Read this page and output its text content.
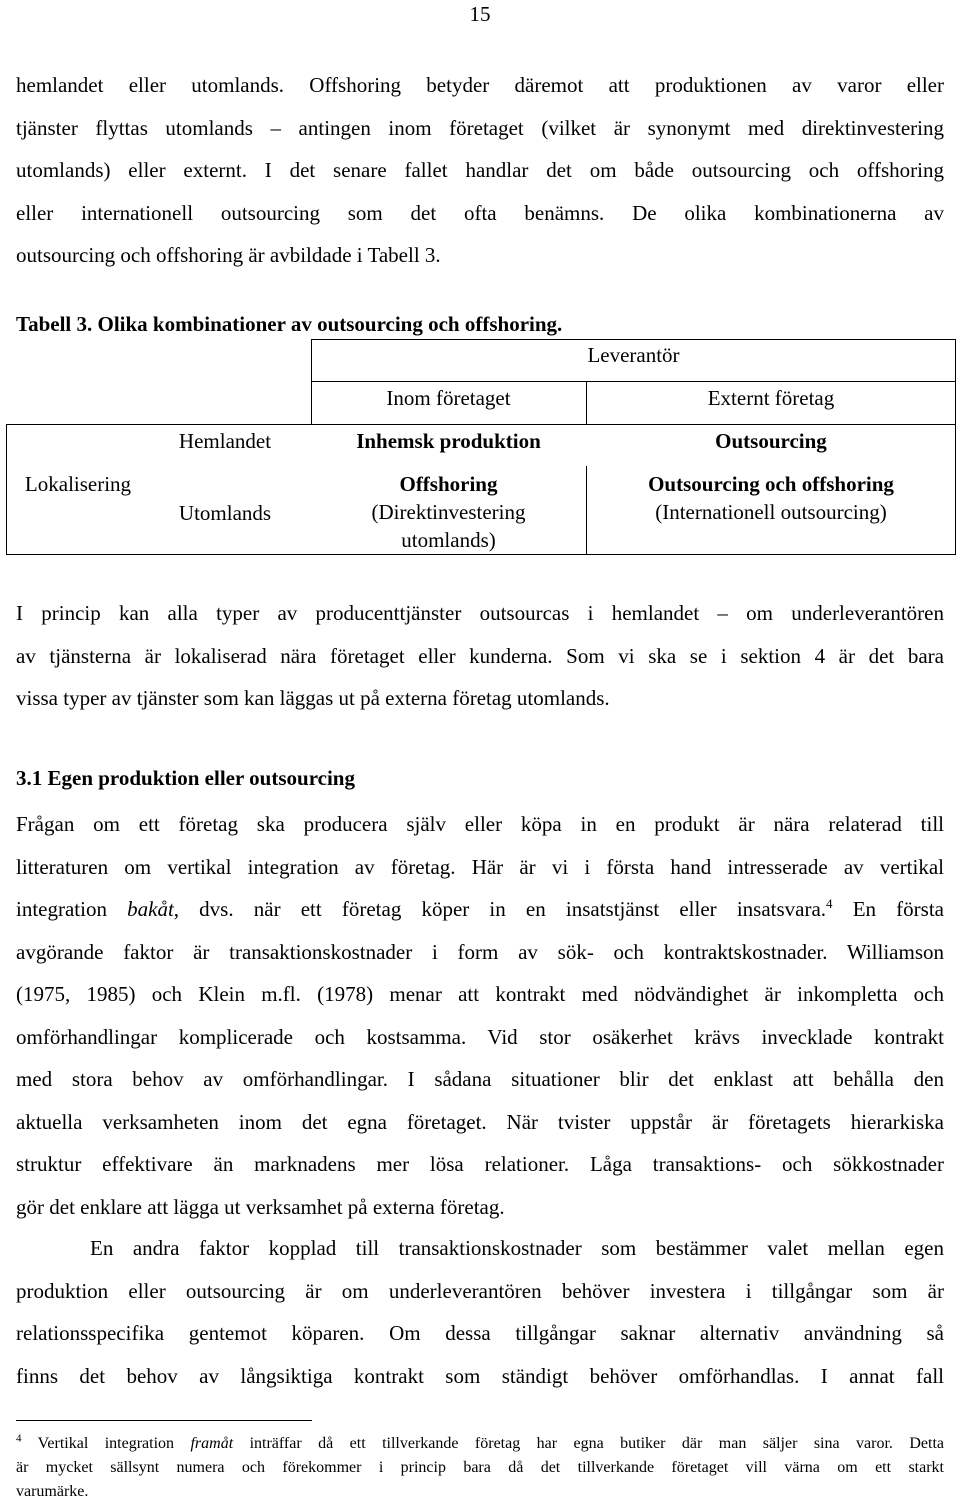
15
hemlandet eller utomlands. Offshoring betyder däremot att produktionen av varor eller
tjänster flyttas utomlands – antingen inom företaget (vilket är synonymt med direktinvestering
utomlands) eller externt. I det senare fallet handlar det om både outsourcing och offshoring
eller internationell outsourcing som det ofta benämns. De olika kombinationerna av
outsourcing och offshoring är avbildade i Tabell 3.
Tabell 3. Olika kombinationer av outsourcing och offshoring.
Leverantör
Inom företaget	Externt företag
Lokalisering
Hemlandet
Utomlands
Inhemsk produktion	Outsourcing
Offshoring
(Direktinvestering
utomlands)
Outsourcing och offshoring
(Internationell outsourcing)
I princip kan alla typer av producenttjänster outsourcas i hemlandet – om underleverantören
av tjänsterna är lokaliserad nära företaget eller kunderna. Som vi ska se i sektion 4 är det bara
vissa typer av tjänster som kan läggas ut på externa företag utomlands.
3.1 Egen produktion eller outsourcing
Frågan om ett företag ska producera själv eller köpa in en produkt är nära relaterad till
litteraturen om vertikal integration av företag. Här är vi i första hand intresserade av vertikal
integration bakåt, dvs. när ett företag köper in en insatstjänst eller insatsvara.$^4$ En första
avgörande faktor är transaktionskostnader i form av sök- och kontraktskostnader. Williamson
(1975, 1985) och Klein m.fl. (1978) menar att kontrakt med nödvändighet är inkompletta och
omförhandlingar komplicerade och kostsamma. Vid stor osäkerhet krävs invecklade kontrakt
med stora behov av omförhandlingar. I sådana situationer blir det enklast att behålla den
aktuella verksamheten inom det egna företaget. När tvister uppstår är företagets hierarkiska
struktur effektivare än marknadens mer lösa relationer. Låga transaktions- och sökkostnader
gör det enklare att lägga ut verksamhet på externa företag.
En andra faktor kopplad till transaktionskostnader som bestämmer valet mellan egen
produktion eller outsourcing är om underleverantören behöver investera i tillgångar som är
relationsspecifika gentemot köparen. Om dessa tillgångar saknar alternativ användning så
finns det behov av långsiktiga kontrakt som ständigt behöver omförhandlas. I annat fall
$^4$ Vertikal integration framåt inträffar då ett tillverkande företag har egna butiker där man säljer sina varor. Detta
är mycket sällsynt numera och förekommer i princip bara då det tillverkande företaget vill värna om ett starkt
varumärke.
